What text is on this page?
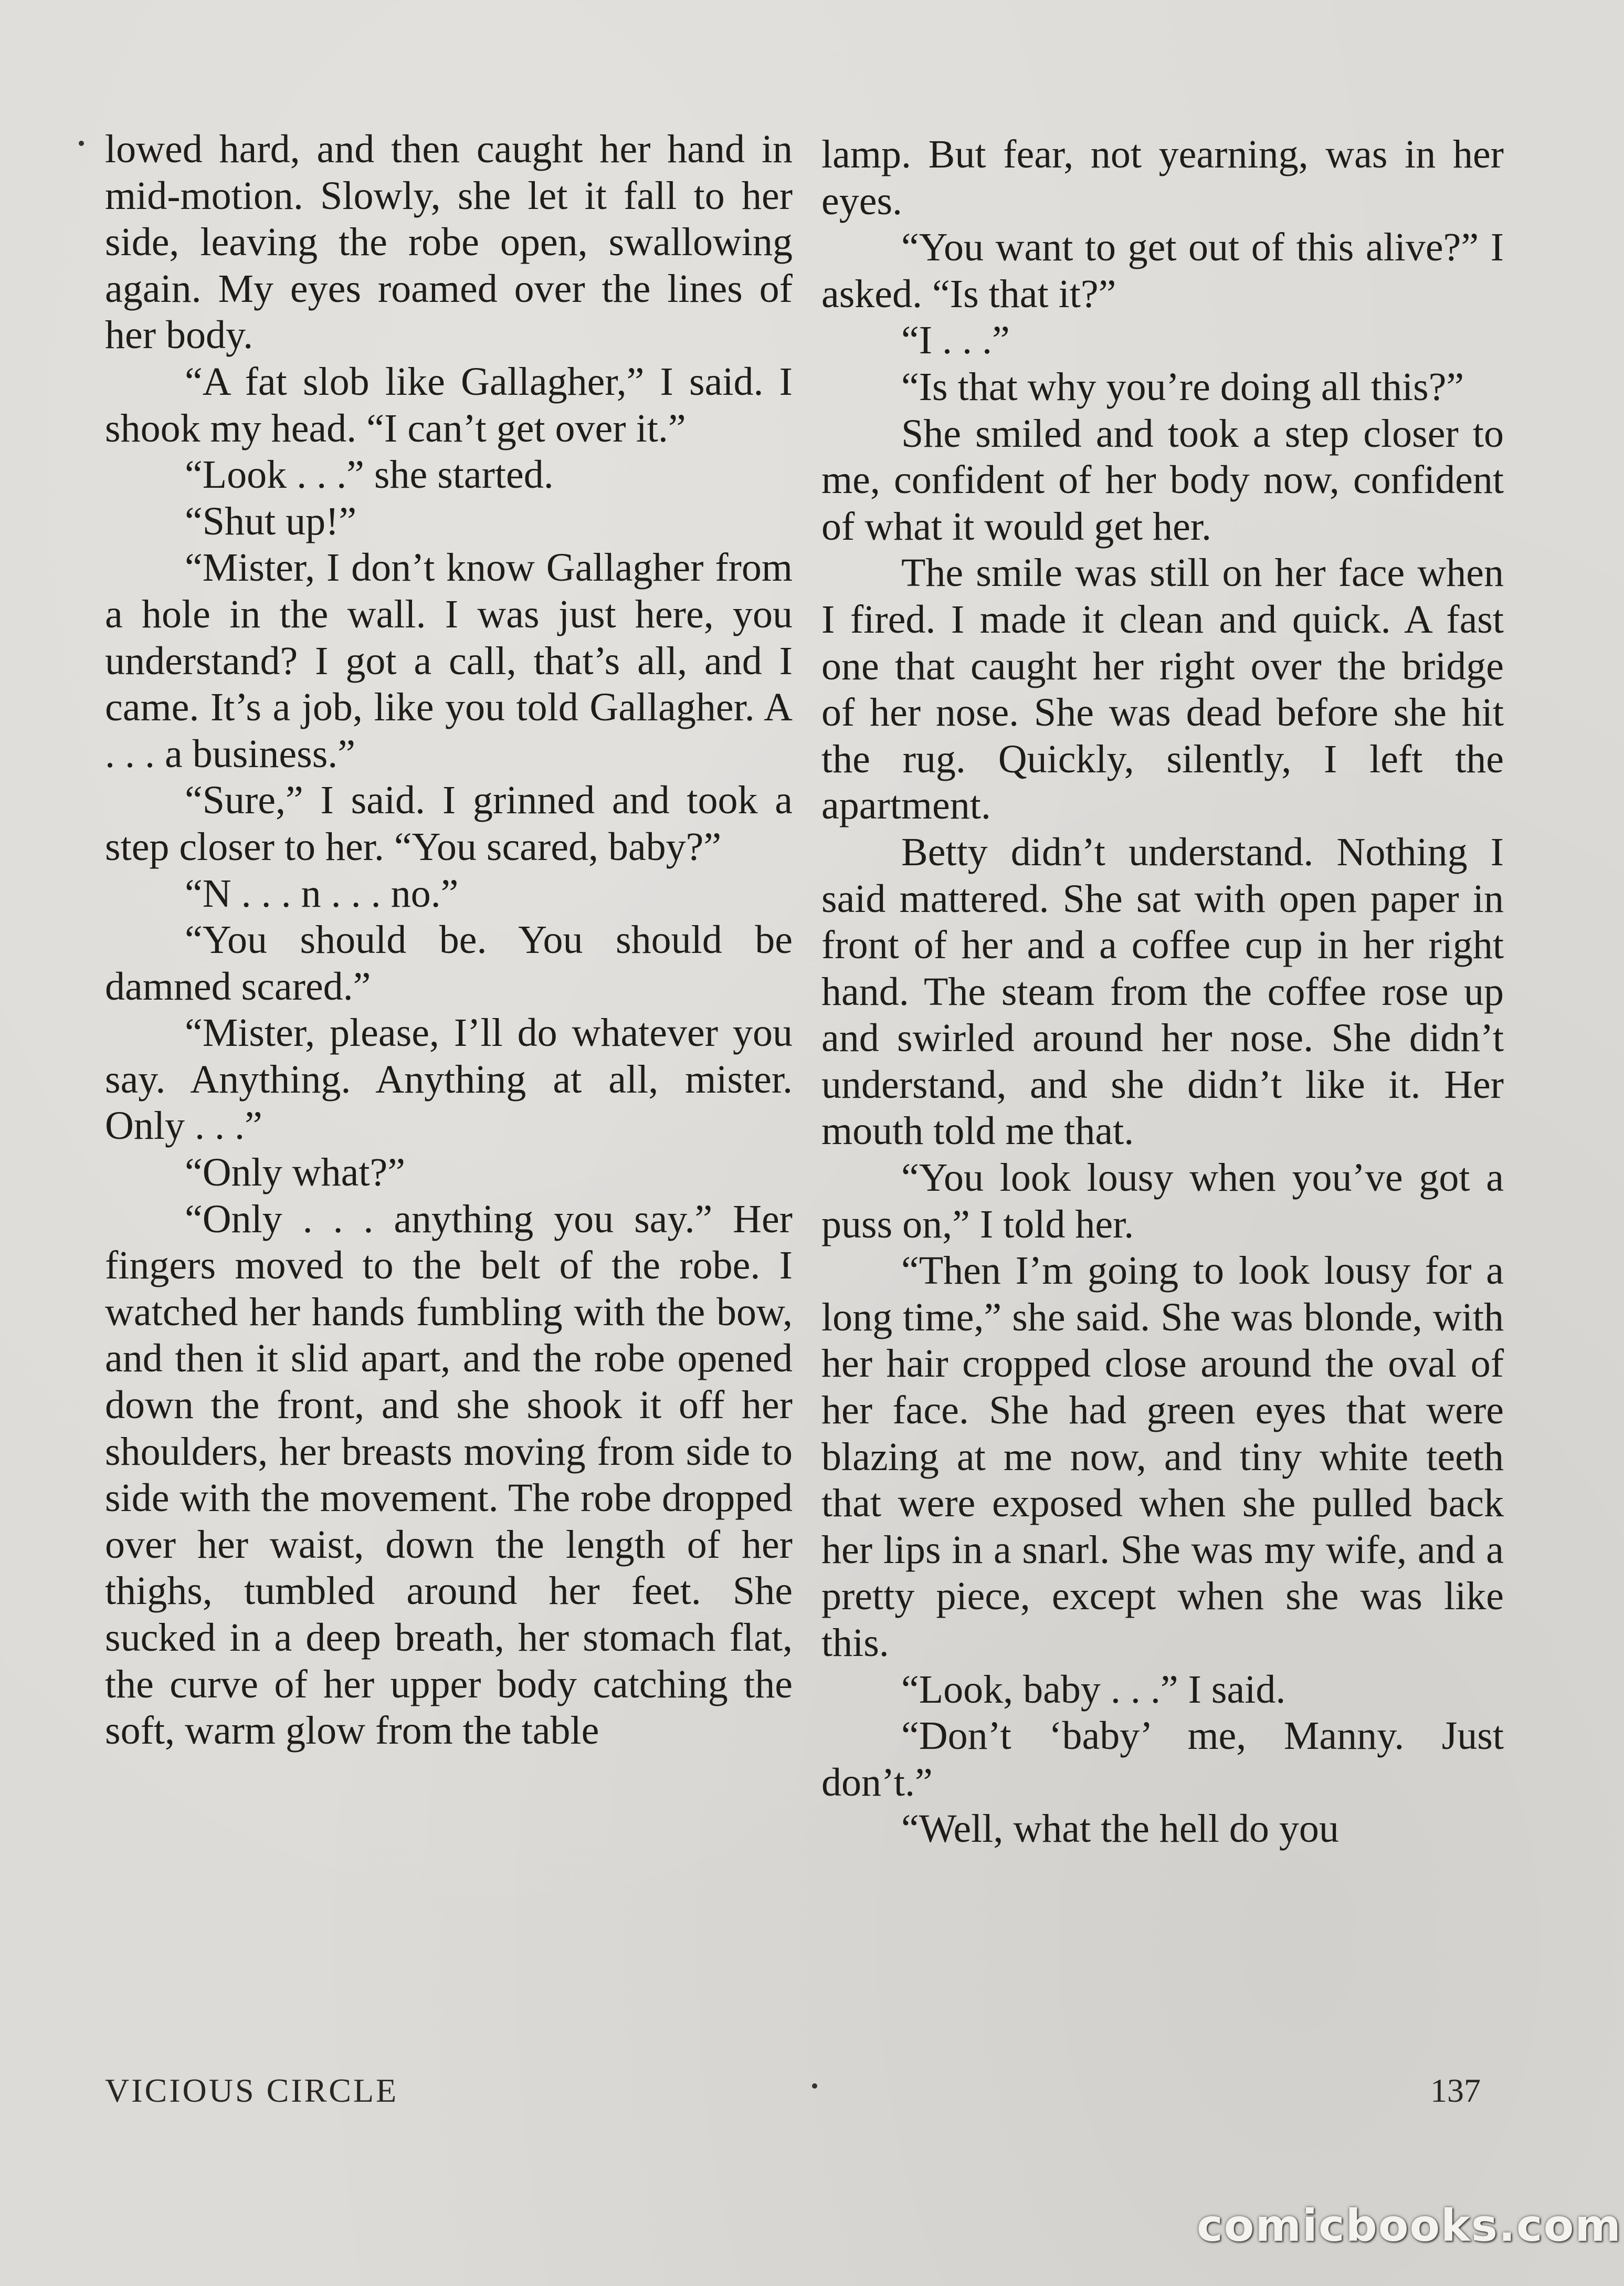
lowed hard, and then caught her hand in mid-motion. Slowly, she let it fall to her side, leaving the robe open, swallowing again. My eyes roamed over the lines of her body.

“A fat slob like Gallagher,” I said. I shook my head. “I can’t get over it.”

“Look . . .” she started.

“Shut up!”

“Mister, I don’t know Gallagher from a hole in the wall. I was just here, you understand? I got a call, that’s all, and I came. It’s a job, like you told Gallagher. A . . . a business.”

“Sure,” I said. I grinned and took a step closer to her. “You scared, baby?”

“N . . . n . . . no.”

“You should be. You should be damned scared.”

“Mister, please, I’ll do whatever you say. Anything. Anything at all, mister. Only . . .”

“Only what?”

“Only . . . anything you say.” Her fingers moved to the belt of the robe. I watched her hands fumbling with the bow, and then it slid apart, and the robe opened down the front, and she shook it off her shoulders, her breasts moving from side to side with the movement. The robe dropped over her waist, down the length of her thighs, tumbled around her feet. She sucked in a deep breath, her stomach flat, the curve of her upper body catching the soft, warm glow from the table

lamp. But fear, not yearning, was in her eyes.

“You want to get out of this alive?” I asked. “Is that it?”

“I . . .”

“Is that why you’re doing all this?”

She smiled and took a step closer to me, confident of her body now, confident of what it would get her.

The smile was still on her face when I fired. I made it clean and quick. A fast one that caught her right over the bridge of her nose. She was dead before she hit the rug. Quickly, silently, I left the apartment.

Betty didn’t understand. Nothing I said mattered. She sat with open paper in front of her and a coffee cup in her right hand. The steam from the coffee rose up and swirled around her nose. She didn’t understand, and she didn’t like it. Her mouth told me that.

“You look lousy when you’ve got a puss on,” I told her.

“Then I’m going to look lousy for a long time,” she said. She was blonde, with her hair cropped close around the oval of her face. She had green eyes that were blazing at me now, and tiny white teeth that were exposed when she pulled back her lips in a snarl. She was my wife, and a pretty piece, except when she was like this.

“Look, baby . . .” I said.

“Don’t ‘baby’ me, Manny. Just don’t.”

“Well, what the hell do you

VICIOUS CIRCLE	137
comicbooks.com
